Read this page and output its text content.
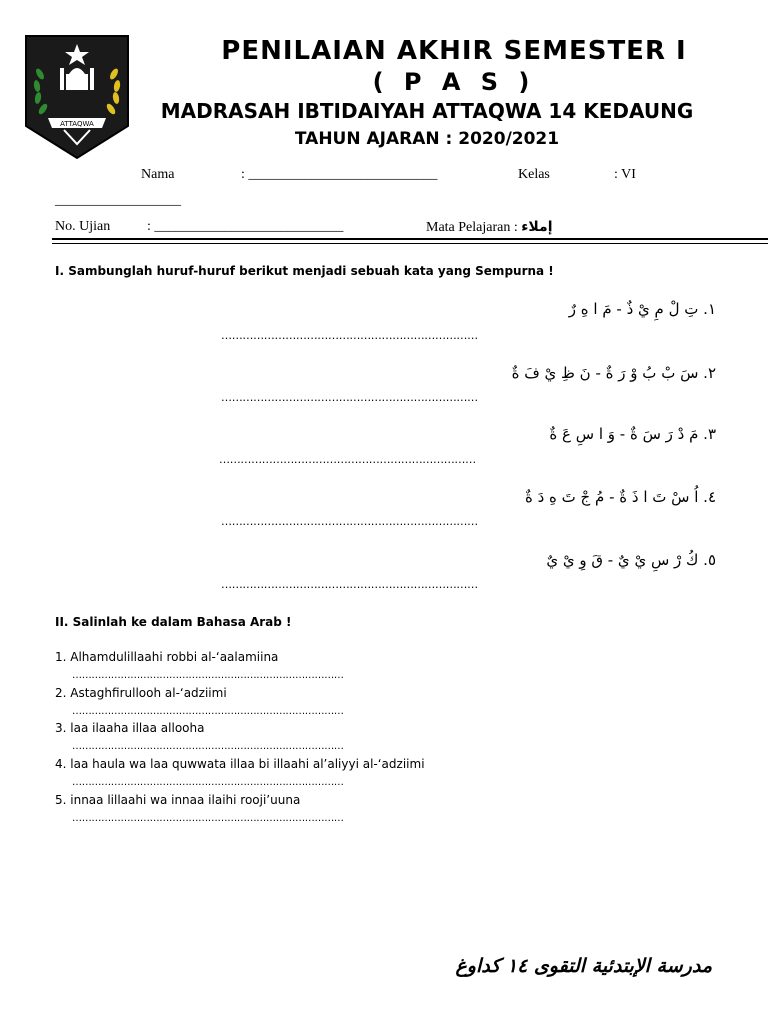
ATTAQWA
PENILAIAN AKHIR SEMESTER I
( P A S )
MADRASAH IBTIDAIYAH ATTAQWA 14 KEDAUNG
TAHUN AJARAN : 2020/2021
Nama	: ___________________________	Kelas	: VI
__________________
No. Ujian	: ___________________________	Mata Pelajaran : إملاء
I. Sambunglah huruf-huruf berikut menjadi sebuah kata yang Sempurna !
١. تِ لْ مِ يْ ذٌ - مَ ا هِ رٌ
………………………………………………………………
٢. سَ بْ بُ وْ رَ ةٌ - نَ ظِ يْ فَ ةٌ
………………………………………………………………
٣. مَ دْ رَ سَ ةٌ - وَ ا سِ عَ ةٌ
………………………………………………………………
٤. اُ سْ تَ ا ذَ ةٌ - مُ جْ تَ هِ دَ ةٌ
………………………………………………………………
٥. كُ رْ سِ يْ يٌ - قَ وِ يْ يٌ
………………………………………………………………
II. Salinlah ke dalam Bahasa Arab !
1. Alhamdulillaahi robbi al-‘aalamiina
…………………………………………………………………………
2. Astaghfirullooh al-‘adziimi
…………………………………………………………………………
3. laa ilaaha illaa allooha
…………………………………………………………………………
4. laa haula wa laa quwwata illaa bi illaahi al’aliyyi al-‘adziimi
…………………………………………………………………………
5. innaa lillaahi wa innaa ilaihi rooji’uuna
…………………………………………………………………………
مدرسة الإبتدئية التقوى ١٤ كداوغ
